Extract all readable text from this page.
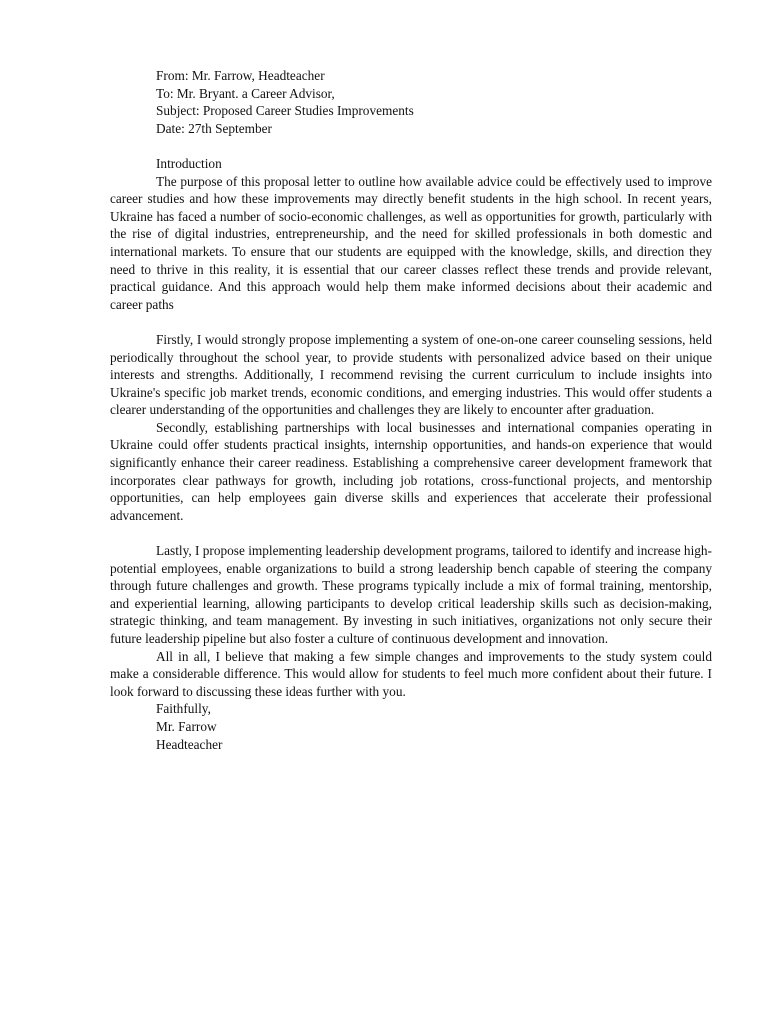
From: Mr. Farrow, Headteacher
To: Mr. Bryant. a Career Advisor,
Subject: Proposed Career Studies Improvements
Date: 27th September
Introduction

The purpose of this proposal letter to outline how available advice could be effectively used to improve career studies and how these improvements may directly benefit students in the high school. In recent years, Ukraine has faced a number of socio-economic challenges, as well as opportunities for growth, particularly with the rise of digital industries, entrepreneurship, and the need for skilled professionals in both domestic and international markets. To ensure that our students are equipped with the knowledge, skills, and direction they need to thrive in this reality, it is essential that our career classes reflect these trends and provide relevant, practical guidance. And this approach would help them make informed decisions about their academic and career paths

Firstly, I would strongly propose implementing a system of one-on-one career counseling sessions, held periodically throughout the school year, to provide students with personalized advice based on their unique interests and strengths. Additionally, I recommend revising the current curriculum to include insights into Ukraine's specific job market trends, economic conditions, and emerging industries. This would offer students a clearer understanding of the opportunities and challenges they are likely to encounter after graduation.

Secondly, establishing partnerships with local businesses and international companies operating in Ukraine could offer students practical insights, internship opportunities, and hands-on experience that would significantly enhance their career readiness. Establishing a comprehensive career development framework that incorporates clear pathways for growth, including job rotations, cross-functional projects, and mentorship opportunities, can help employees gain diverse skills and experiences that accelerate their professional advancement.

Lastly, I propose implementing leadership development programs, tailored to identify and increase high-potential employees, enable organizations to build a strong leadership bench capable of steering the company through future challenges and growth. These programs typically include a mix of formal training, mentorship, and experiential learning, allowing participants to develop critical leadership skills such as decision-making, strategic thinking, and team management. By investing in such initiatives, organizations not only secure their future leadership pipeline but also foster a culture of continuous development and innovation.

All in all, I believe that making a few simple changes and improvements to the study system could make a considerable difference. This would allow for students to feel much more confident about their future. I look forward to discussing these ideas further with you.

Faithfully,
Mr. Farrow
Headteacher
